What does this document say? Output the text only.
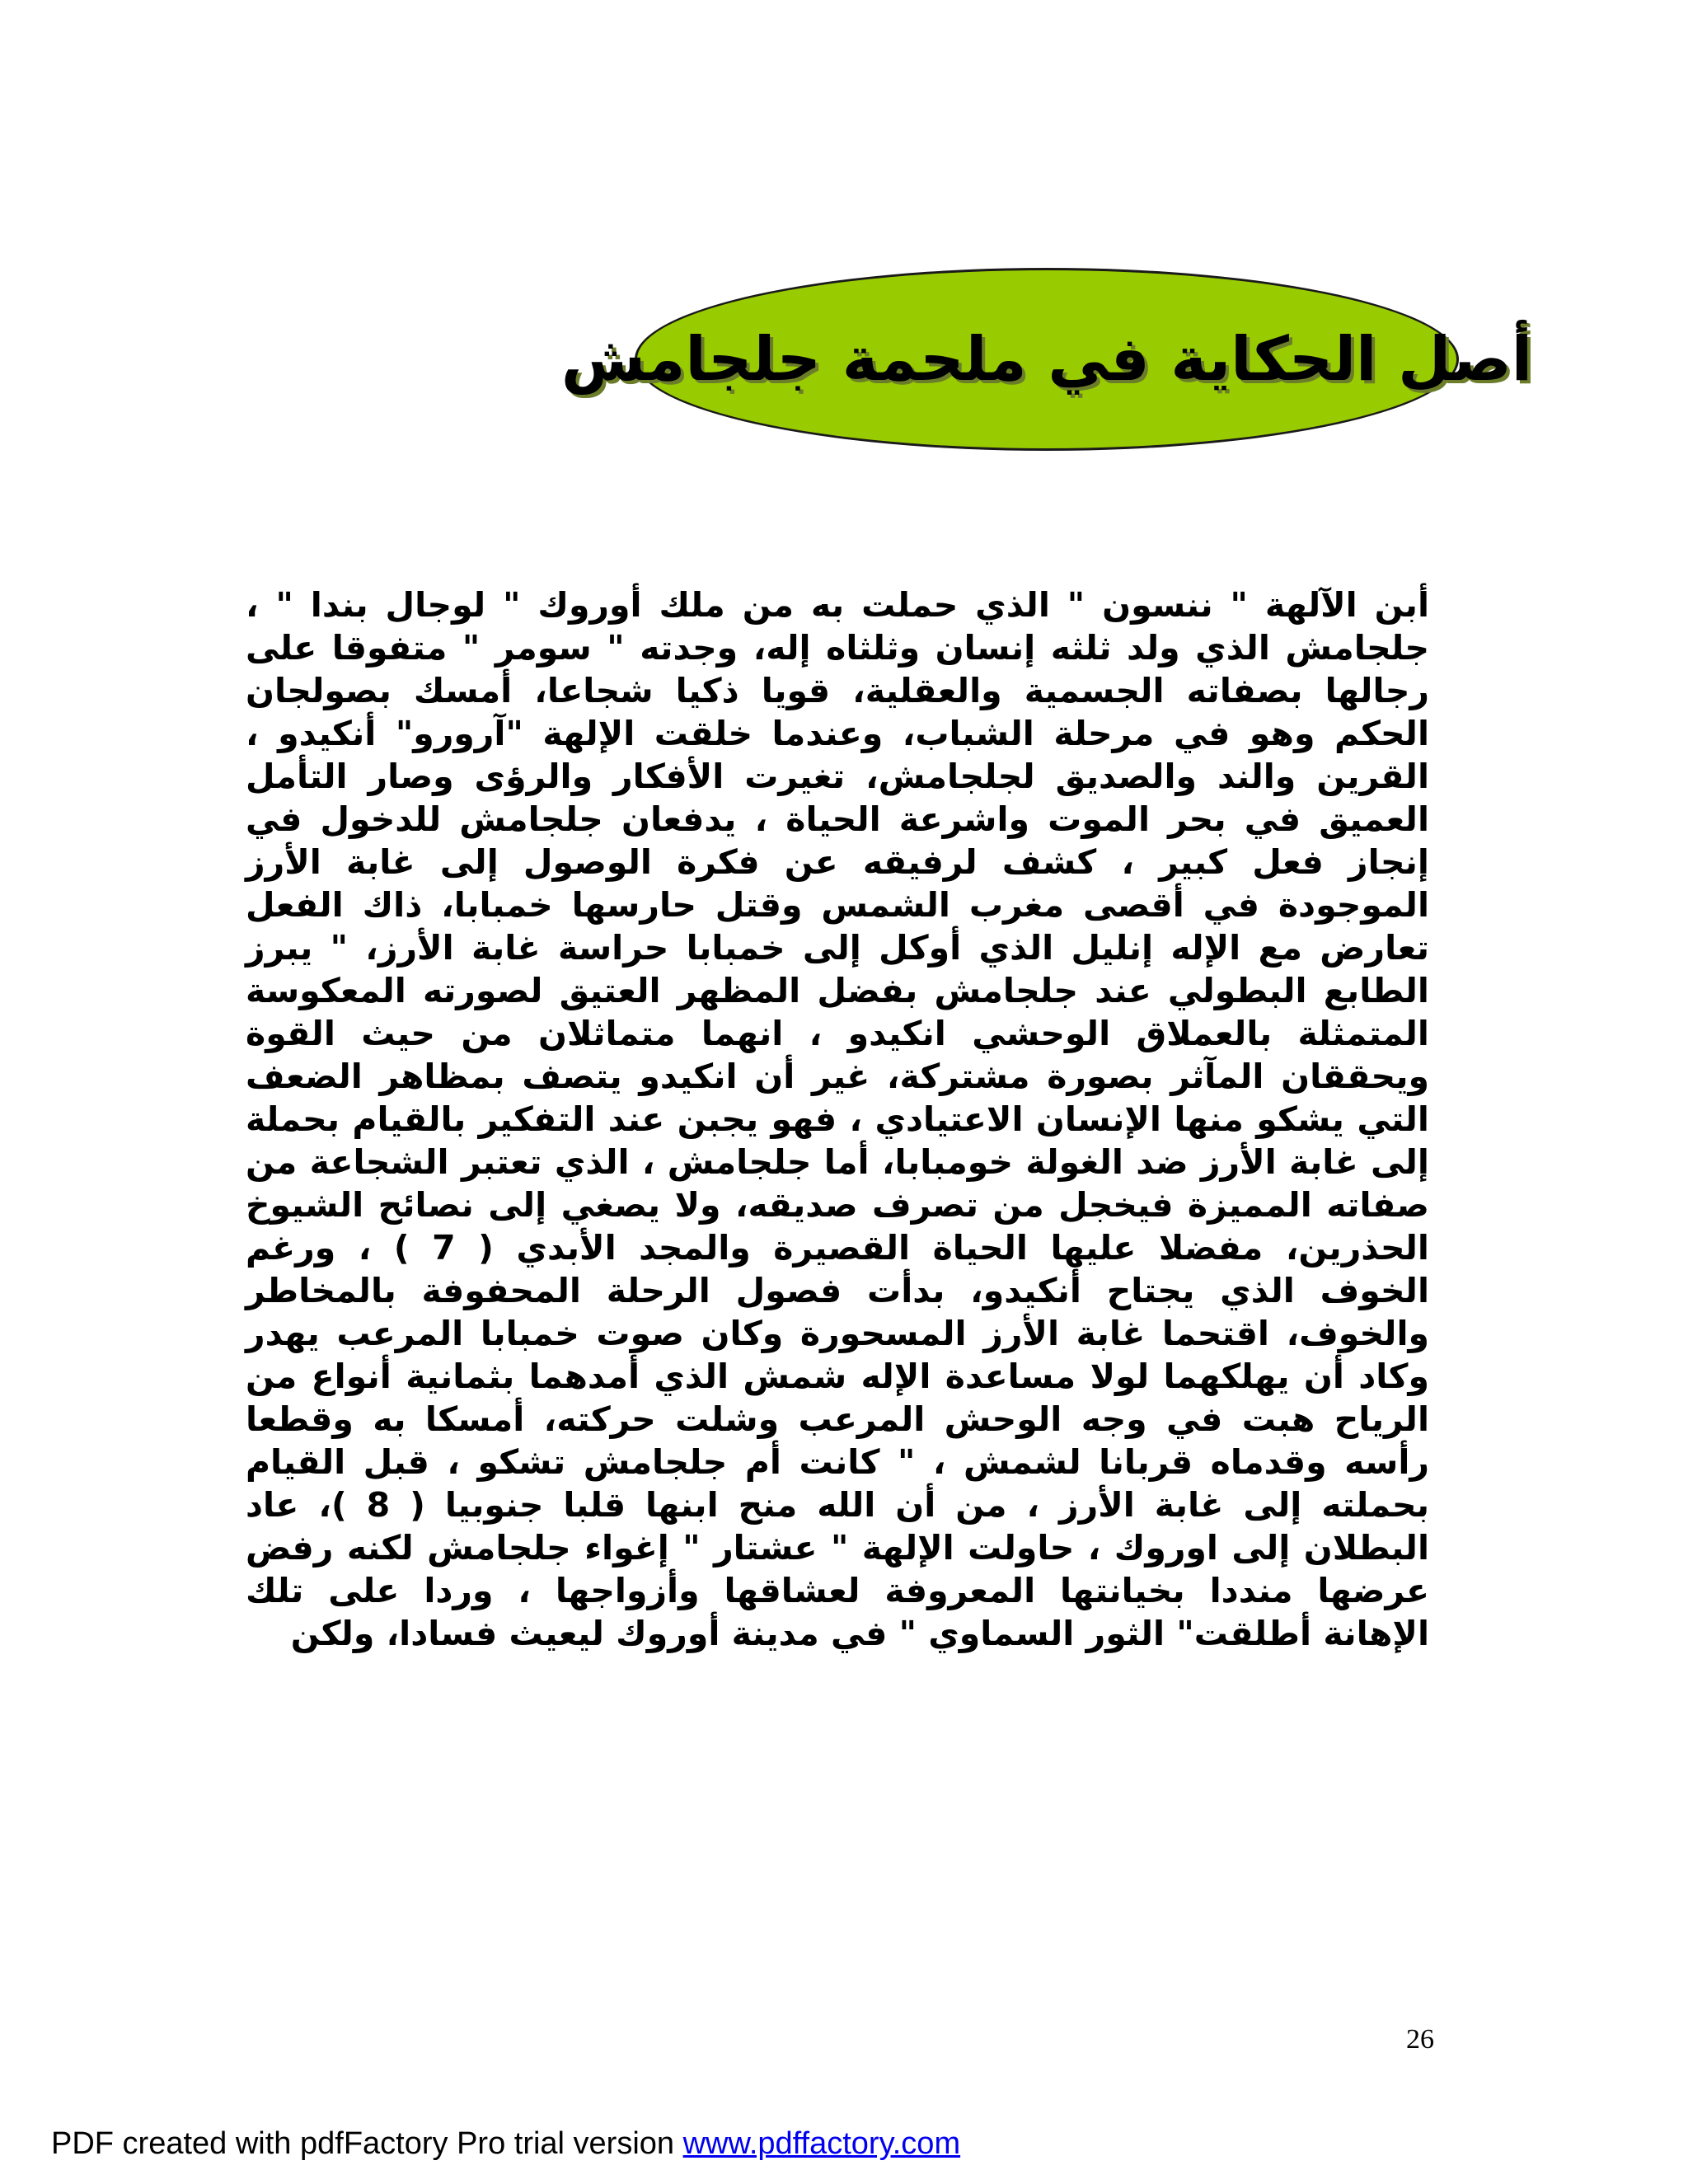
أصل الحكاية في ملحمة جلجامش
أبن الآلهة " ننسون " الذي حملت به من ملك أوروك " لوجال بندا " ، جلجامش الذي ولد ثلثه إنسان وثلثاه إله، وجدته " سومر " متفوقا على رجالها بصفاته الجسمية والعقلية، قويا ذكيا شجاعا، أمسك بصولجان الحكم وهو في مرحلة الشباب، وعندما خلقت الإلهة "آرورو" أنكيدو ، القرين والند والصديق لجلجامش، تغيرت الأفكار والرؤى وصار التأمل العميق في بحر الموت واشرعة الحياة ، يدفعان جلجامش للدخول في إنجاز فعل كبير ، كشف لرفيقه عن فكرة الوصول إلى غابة الأرز الموجودة في أقصى مغرب الشمس وقتل حارسها خمبابا، ذاك الفعل تعارض مع الإله إنليل الذي أوكل إلى خمبابا حراسة غابة الأرز، " يبرز الطابع البطولي عند جلجامش بفضل المظهر العتيق لصورته المعكوسة المتمثلة بالعملاق الوحشي انكيدو ، انهما متماثلان من حيث القوة ويحققان المآثر بصورة مشتركة، غير أن انكيدو يتصف بمظاهر الضعف التي يشكو منها الإنسان الاعتيادي ، فهو يجبن عند التفكير بالقيام بحملة إلى غابة الأرز ضد الغولة خومبابا، أما جلجامش ، الذي تعتبر الشجاعة من صفاته المميزة فيخجل من تصرف صديقه، ولا يصغي إلى نصائح الشيوخ الحذرين، مفضلا عليها الحياة القصيرة والمجد الأبدي ( 7 ) ، ورغم الخوف الذي يجتاح أنكيدو، بدأت فصول الرحلة المحفوفة بالمخاطر والخوف، اقتحما غابة الأرز المسحورة وكان صوت خمبابا المرعب يهدر وكاد أن يهلكهما لولا مساعدة الإله شمش الذي أمدهما بثمانية أنواع من الرياح هبت في وجه الوحش المرعب وشلت حركته، أمسكا به وقطعا رأسه وقدماه قربانا لشمش ، " كانت أم جلجامش تشكو ، قبل القيام بحملته إلى غابة الأرز ، من أن الله منح ابنها قلبا جنوبيا ( 8 )، عاد البطلان إلى اوروك ، حاولت الإلهة " عشتار " إغواء جلجامش لكنه رفض عرضها منددا بخيانتها المعروفة لعشاقها وأزواجها ، وردا على تلك الإهانة أطلقت" الثور السماوي " في مدينة أوروك ليعيث فسادا، ولكن
26
PDF created with pdfFactory Pro trial version www.pdffactory.com
